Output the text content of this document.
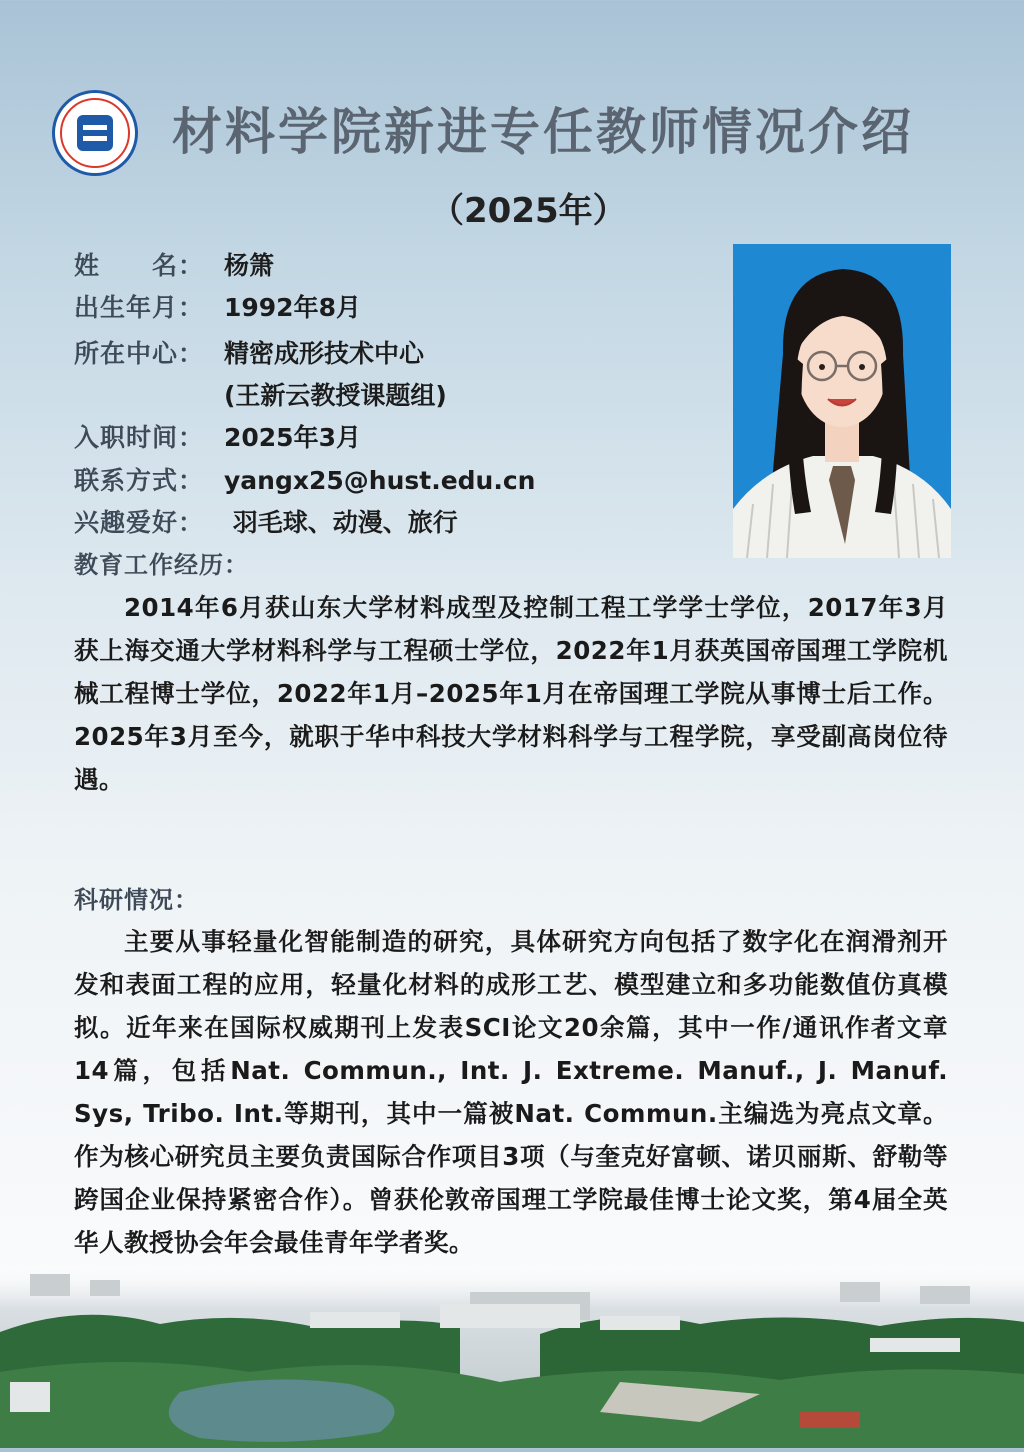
材料学院新进专任教师情况介绍
（2025年）
姓　　名： 杨箫
出生年月： 1992年8月
所在中心： 精密成形技术中心
(王新云教授课题组)
入职时间： 2025年3月
联系方式： yangx25@hust.edu.cn
兴趣爱好： 羽毛球、动漫、旅行
教育工作经历：
2014年6月获山东大学材料成型及控制工程工学学士学位，2017年3月获上海交通大学材料科学与工程硕士学位，2022年1月获英国帝国理工学院机械工程博士学位，2022年1月–2025年1月在帝国理工学院从事博士后工作。2025年3月至今，就职于华中科技大学材料科学与工程学院，享受副高岗位待遇。
科研情况：
主要从事轻量化智能制造的研究，具体研究方向包括了数字化在润滑剂开发和表面工程的应用，轻量化材料的成形工艺、模型建立和多功能数值仿真模拟。近年来在国际权威期刊上发表SCI论文20余篇，其中一作/通讯作者文章14篇，包括Nat. Commun., Int. J. Extreme. Manuf., J. Manuf. Sys, Tribo. Int.等期刊，其中一篇被Nat. Commun.主编选为亮点文章。作为核心研究员主要负责国际合作项目3项（与奎克好富顿、诺贝丽斯、舒勒等跨国企业保持紧密合作）。曾获伦敦帝国理工学院最佳博士论文奖，第4届全英华人教授协会年会最佳青年学者奖。
